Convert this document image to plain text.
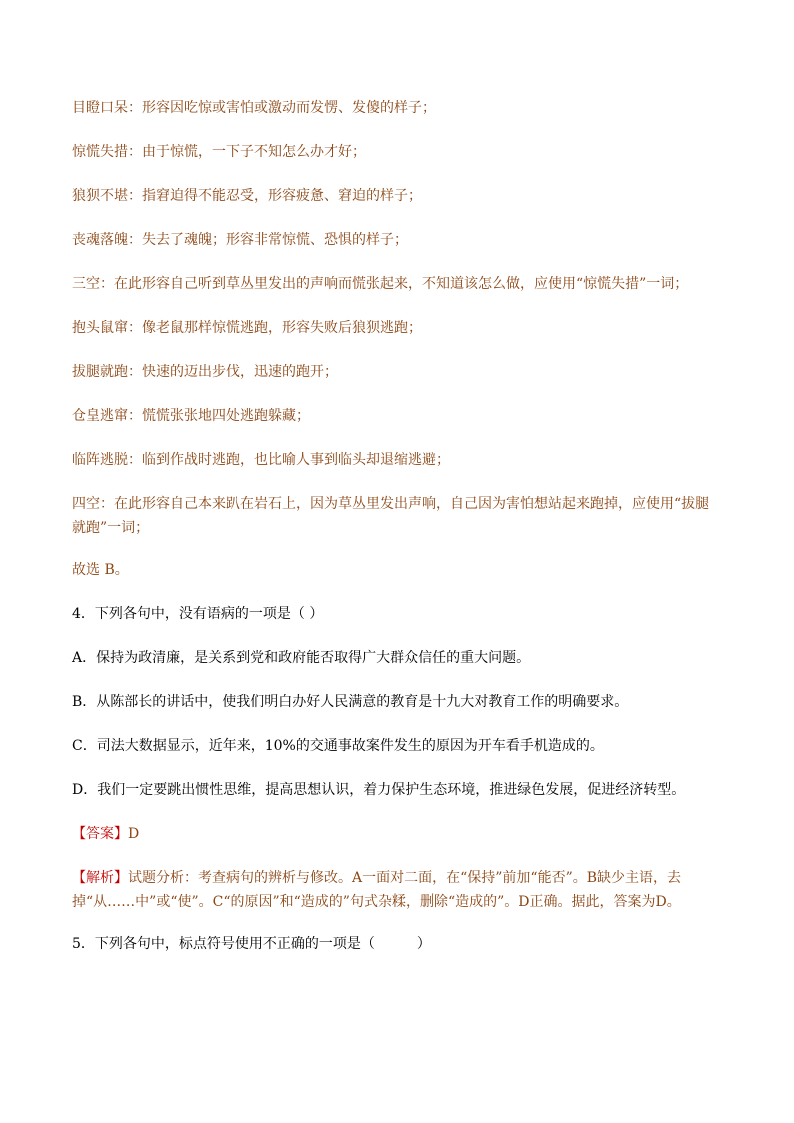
目瞪口呆：形容因吃惊或害怕或激动而发愣、发傻的样子；

惊慌失措：由于惊慌，一下子不知怎么办才好；

狼狈不堪：指窘迫得不能忍受，形容疲惫、窘迫的样子；

丧魂落魄：失去了魂魄；形容非常惊慌、恐惧的样子；

三空：在此形容自己听到草丛里发出的声响而慌张起来，不知道该怎么做，应使用“惊慌失措”一词；

抱头鼠窜：像老鼠那样惊慌逃跑，形容失败后狼狈逃跑；

拔腿就跑：快速的迈出步伐，迅速的跑开；

仓皇逃窜：慌慌张张地四处逃跑躲藏；

临阵逃脱：临到作战时逃跑，也比喻人事到临头却退缩逃避；

四空：在此形容自己本来趴在岩石上，因为草丛里发出声响，自己因为害怕想站起来跑掉，应使用“拔腿就跑”一词；

故选 B。

4．下列各句中，没有语病的一项是（ ）

A．保持为政清廉，是关系到党和政府能否取得广大群众信任的重大问题。

B．从陈部长的讲话中，使我们明白办好人民满意的教育是十九大对教育工作的明确要求。

C．司法大数据显示，近年来，10%的交通事故案件发生的原因为开车看手机造成的。

D．我们一定要跳出惯性思维，提高思想认识，着力保护生态环境，推进绿色发展，促进经济转型。

【答案】D

【解析】试题分析：考查病句的辨析与修改。A一面对二面，在“保持”前加“能否”。B缺少主语，去掉“从……中”或“使”。C“的原因”和“造成的”句式杂糅，删除“造成的”。D正确。据此，答案为D。

5．下列各句中，标点符号使用不正确的一项是（　　　）
